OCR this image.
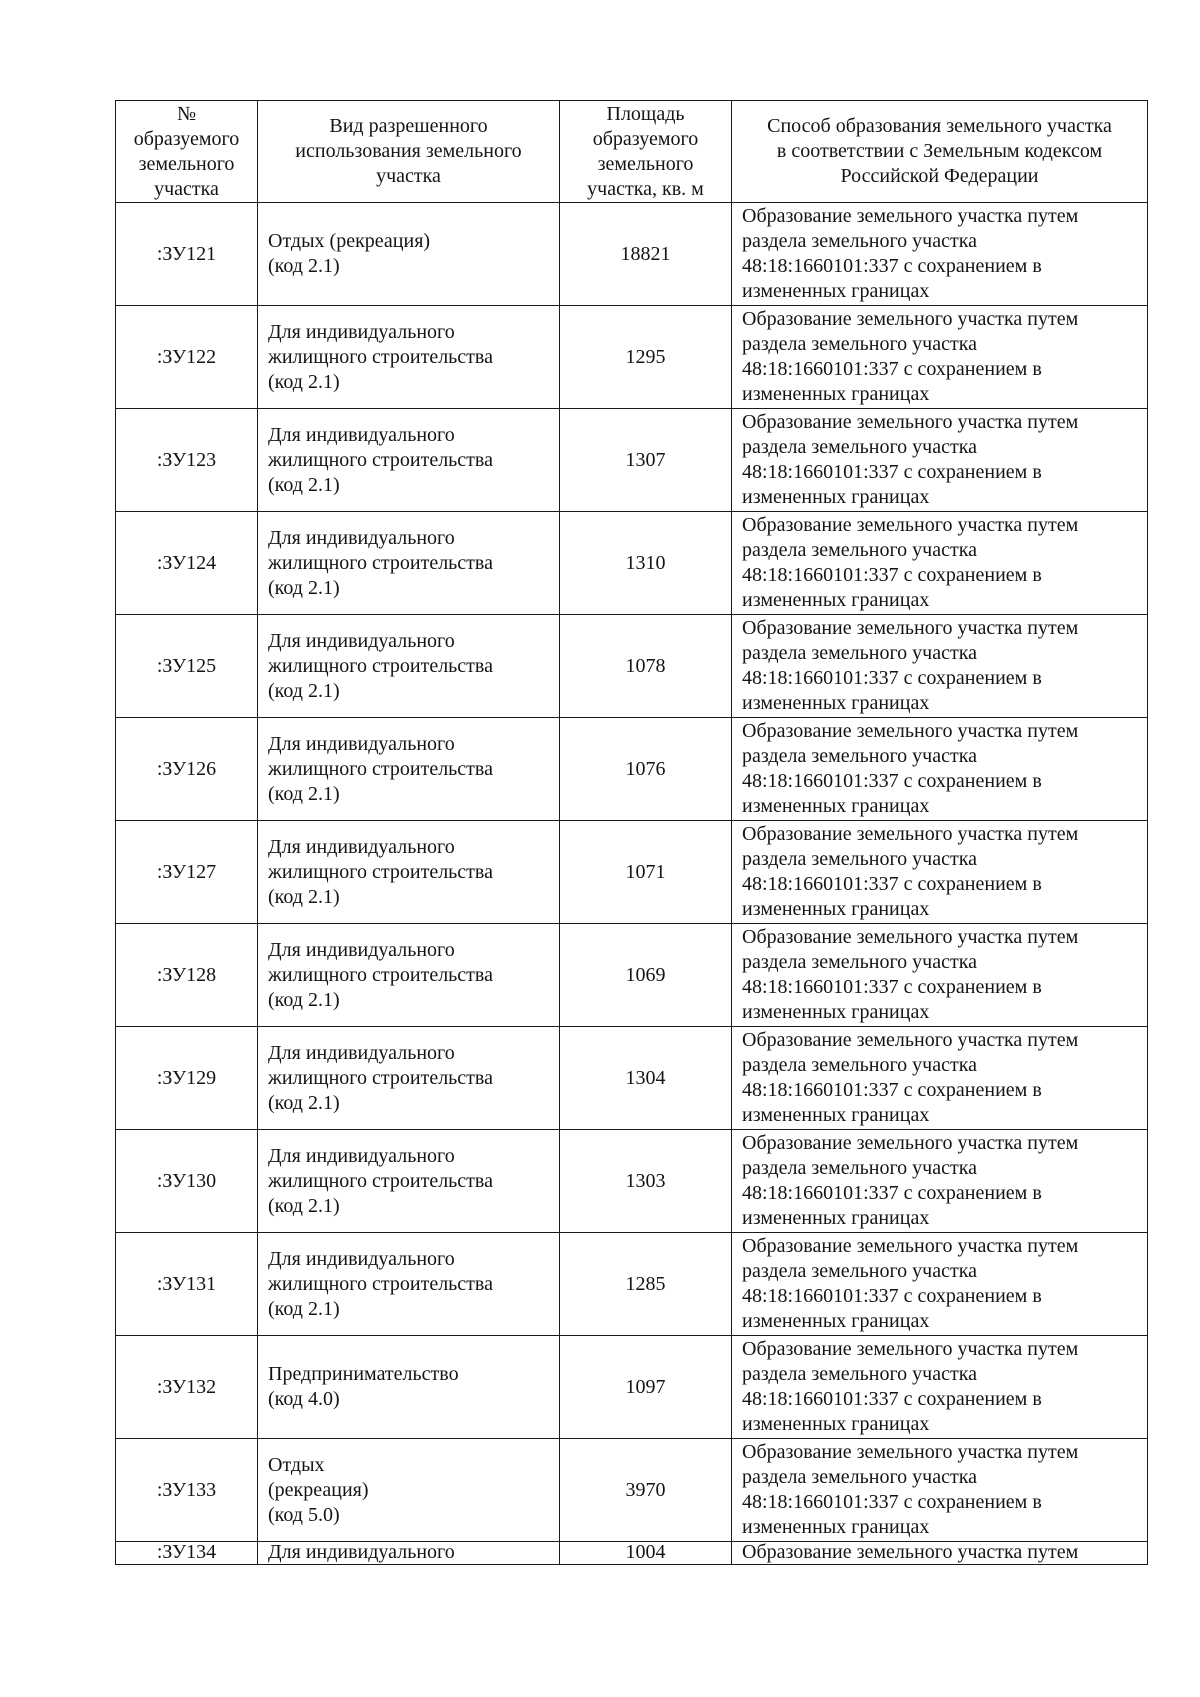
№
образуемого
земельного
участка	Вид разрешенного
использования земельного
участка	Площадь
образуемого
земельного
участка, кв. м	Способ образования земельного участка
в соответствии с Земельным кодексом
Российской Федерации
:ЗУ121	Отдых (рекреация)
(код 2.1)	18821	Образование земельного участка путем
раздела земельного участка
48:18:1660101:337 с сохранением в
измененных границах
:ЗУ122	Для индивидуального
жилищного строительства
(код 2.1)	1295	Образование земельного участка путем
раздела земельного участка
48:18:1660101:337 с сохранением в
измененных границах
:ЗУ123	Для индивидуального
жилищного строительства
(код 2.1)	1307	Образование земельного участка путем
раздела земельного участка
48:18:1660101:337 с сохранением в
измененных границах
:ЗУ124	Для индивидуального
жилищного строительства
(код 2.1)	1310	Образование земельного участка путем
раздела земельного участка
48:18:1660101:337 с сохранением в
измененных границах
:ЗУ125	Для индивидуального
жилищного строительства
(код 2.1)	1078	Образование земельного участка путем
раздела земельного участка
48:18:1660101:337 с сохранением в
измененных границах
:ЗУ126	Для индивидуального
жилищного строительства
(код 2.1)	1076	Образование земельного участка путем
раздела земельного участка
48:18:1660101:337 с сохранением в
измененных границах
:ЗУ127	Для индивидуального
жилищного строительства
(код 2.1)	1071	Образование земельного участка путем
раздела земельного участка
48:18:1660101:337 с сохранением в
измененных границах
:ЗУ128	Для индивидуального
жилищного строительства
(код 2.1)	1069	Образование земельного участка путем
раздела земельного участка
48:18:1660101:337 с сохранением в
измененных границах
:ЗУ129	Для индивидуального
жилищного строительства
(код 2.1)	1304	Образование земельного участка путем
раздела земельного участка
48:18:1660101:337 с сохранением в
измененных границах
:ЗУ130	Для индивидуального
жилищного строительства
(код 2.1)	1303	Образование земельного участка путем
раздела земельного участка
48:18:1660101:337 с сохранением в
измененных границах
:ЗУ131	Для индивидуального
жилищного строительства
(код 2.1)	1285	Образование земельного участка путем
раздела земельного участка
48:18:1660101:337 с сохранением в
измененных границах
:ЗУ132	Предпринимательство
(код 4.0)	1097	Образование земельного участка путем
раздела земельного участка
48:18:1660101:337 с сохранением в
измененных границах
:ЗУ133	Отдых
(рекреация)
(код 5.0)	3970	Образование земельного участка путем
раздела земельного участка
48:18:1660101:337 с сохранением в
измененных границах
:ЗУ134	Для индивидуального	1004	Образование земельного участка путем
